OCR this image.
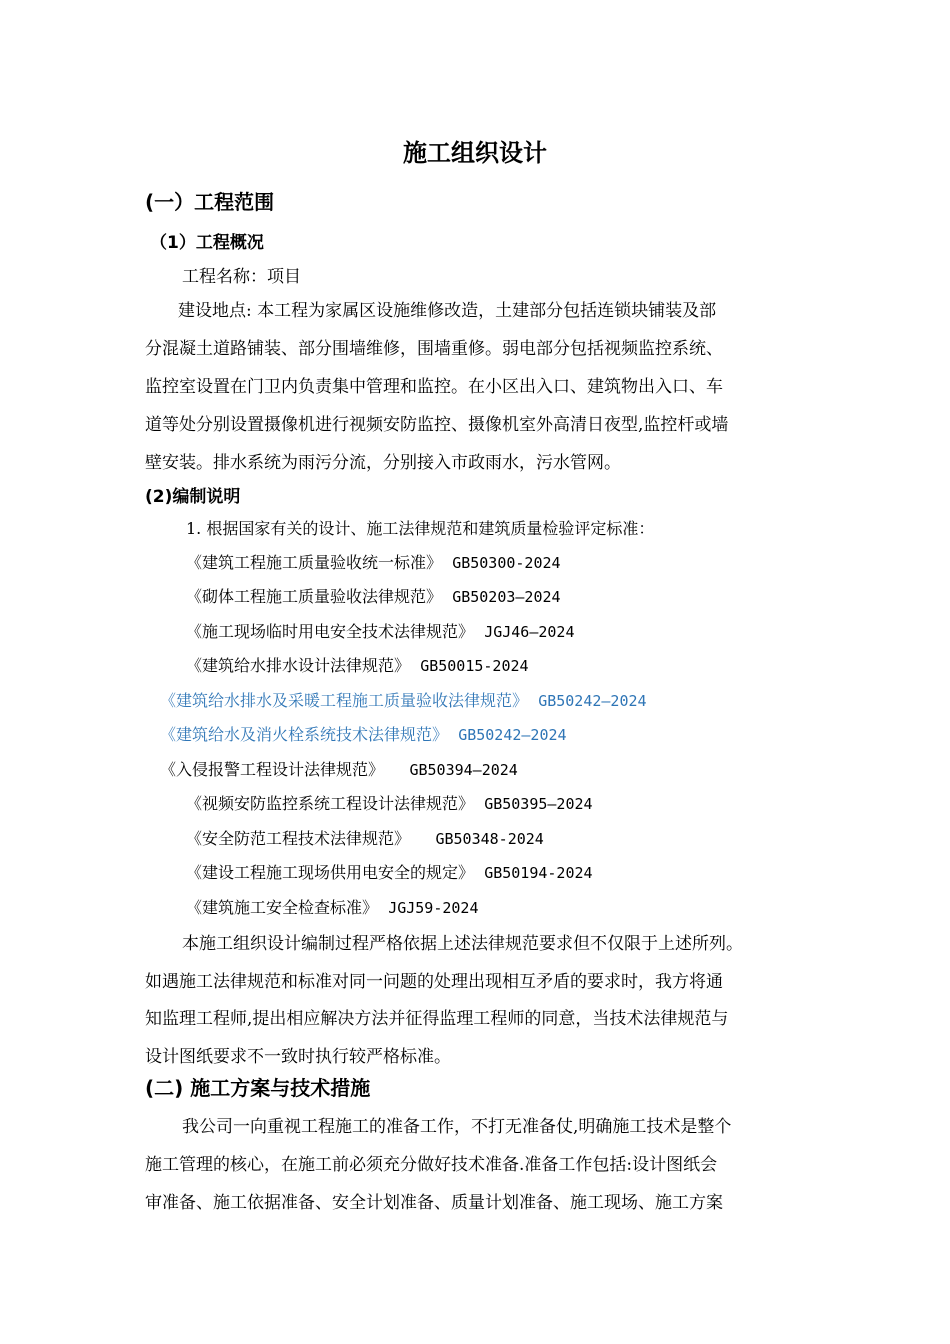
施工组织设计
(一）工程范围
（1）工程概况
工程名称：项目
建设地点: 本工程为家属区设施维修改造，土建部分包括连锁块铺装及部
分混凝土道路铺装、部分围墙维修，围墙重修。弱电部分包括视频监控系统、
监控室设置在门卫内负责集中管理和监控。在小区出入口、建筑物出入口、车
道等处分别设置摄像机进行视频安防监控、摄像机室外高清日夜型,监控杆或墙
壁安装。排水系统为雨污分流，分别接入市政雨水，污水管网。
(2)编制说明
1. 根据国家有关的设计、施工法律规范和建筑质量检验评定标准：
《建筑工程施工质量验收统一标准》 GB50300-2024
《砌体工程施工质量验收法律规范》 GB50203—2024
《施工现场临时用电安全技术法律规范》 JGJ46—2024
《建筑给水排水设计法律规范》 GB50015-2024
《建筑给水排水及采暖工程施工质量验收法律规范》 GB50242—2024
《建筑给水及消火栓系统技术法律规范》 GB50242—2024
《入侵报警工程设计法律规范》 GB50394—2024
《视频安防监控系统工程设计法律规范》 GB50395—2024
《安全防范工程技术法律规范》 GB50348-2024
《建设工程施工现场供用电安全的规定》 GB50194-2024
《建筑施工安全检查标准》 JGJ59-2024
本施工组织设计编制过程严格依据上述法律规范要求但不仅限于上述所列。
如遇施工法律规范和标准对同一问题的处理出现相互矛盾的要求时，我方将通
知监理工程师,提出相应解决方法并征得监理工程师的同意，当技术法律规范与
设计图纸要求不一致时执行较严格标准。
(二) 施工方案与技术措施
我公司一向重视工程施工的准备工作，不打无准备仗,明确施工技术是整个
施工管理的核心，在施工前必须充分做好技术准备.准备工作包括:设计图纸会
审准备、施工依据准备、安全计划准备、质量计划准备、施工现场、施工方案
